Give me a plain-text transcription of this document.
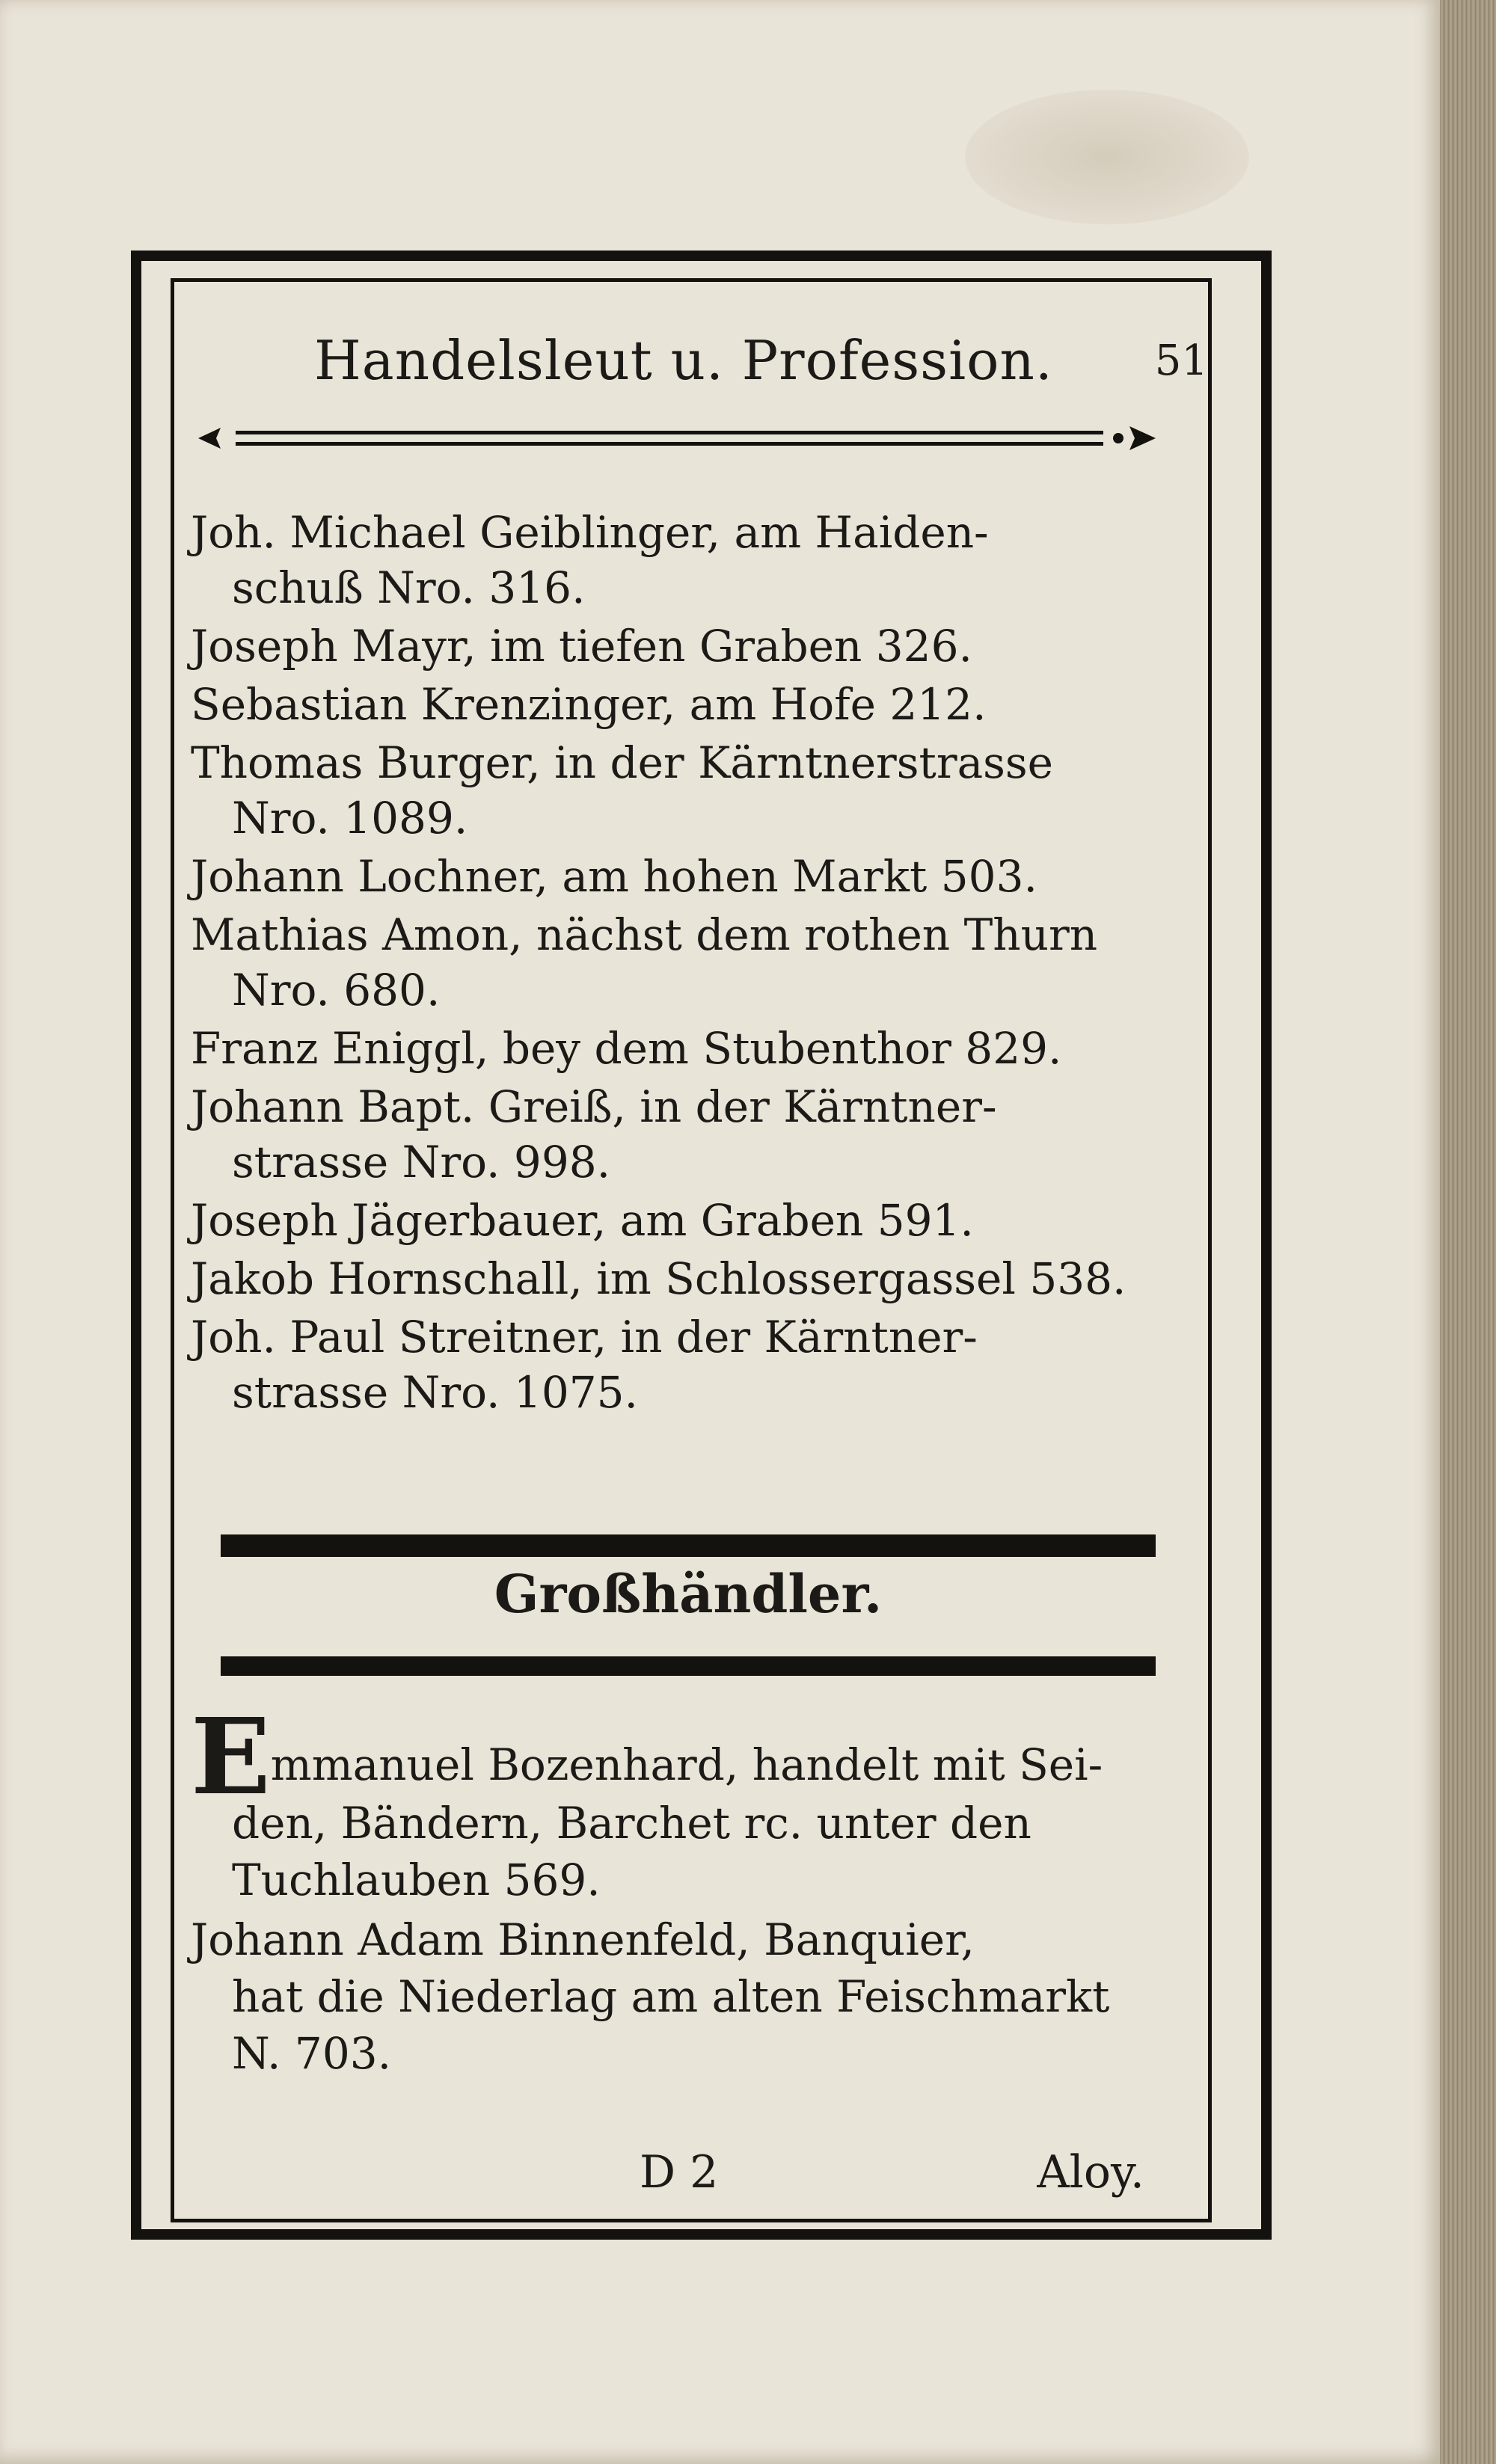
Handelsleut u. Profession. 51
Joh. Michael Geiblinger, am Haiden-
schuß Nro. 316.
Joseph Mayr, im tiefen Graben 326.
Sebastian Krenzinger, am Hofe 212.
Thomas Burger, in der Kärntnerstrasse
Nro. 1089.
Johann Lochner, am hohen Markt 503.
Mathias Amon, nächst dem rothen Thurn
Nro. 680.
Franz Eniggl, bey dem Stubenthor 829.
Johann Bapt. Greiß, in der Kärntner-
strasse Nro. 998.
Joseph Jägerbauer, am Graben 591.
Jakob Hornschall, im Schlossergassel 538.
Joh. Paul Streitner, in der Kärntner-
strasse Nro. 1075.
Großhändler.
Emmanuel Bozenhard, handelt mit Sei-
den, Bändern, Barchet rc. unter den
Tuchlauben 569.
Johann Adam Binnenfeld, Banquier,
hat die Niederlag am alten Feischmarkt
N. 703.
D 2	Aloy.
